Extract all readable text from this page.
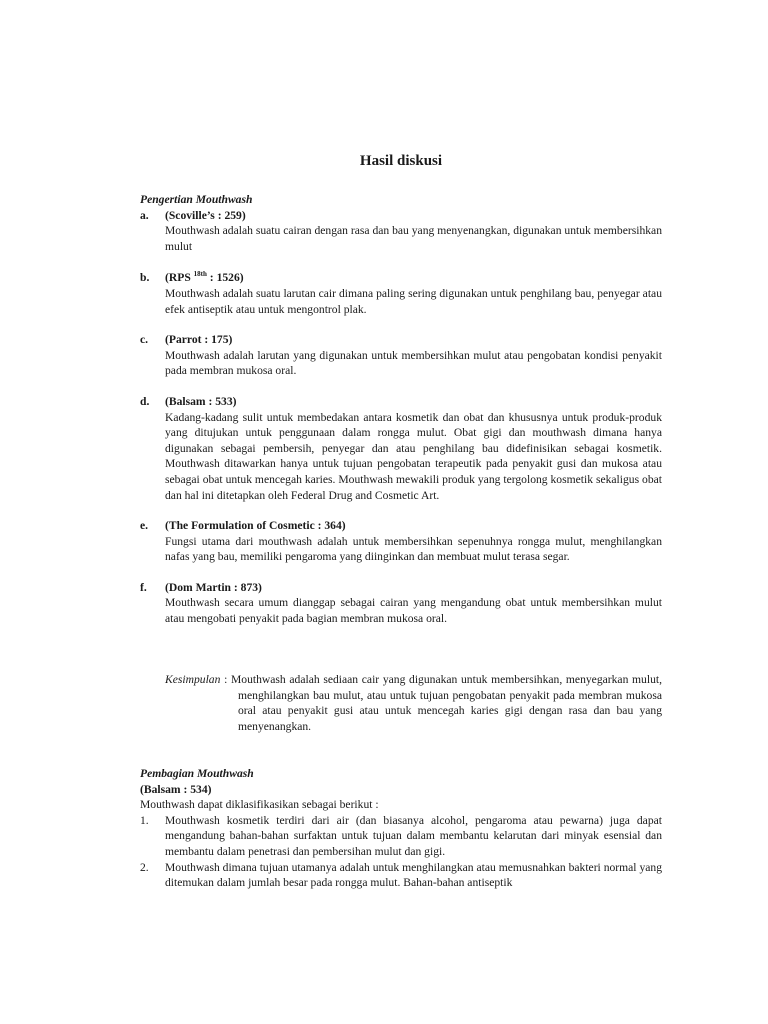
Hasil diskusi
Pengertian Mouthwash
a. (Scoville’s : 259)
Mouthwash adalah suatu cairan dengan rasa dan bau yang menyenangkan, digunakan untuk membersihkan mulut
b. (RPS $^{18th}$ : 1526)
Mouthwash adalah suatu larutan cair dimana paling sering digunakan untuk penghilang bau, penyegar atau efek antiseptik atau untuk mengontrol plak.
c. (Parrot : 175)
Mouthwash adalah larutan yang digunakan untuk membersihkan mulut atau pengobatan kondisi penyakit pada membran mukosa oral.
d. (Balsam : 533)
Kadang-kadang sulit untuk membedakan antara kosmetik dan obat dan khususnya untuk produk-produk yang ditujukan untuk penggunaan dalam rongga mulut. Obat gigi dan mouthwash dimana hanya digunakan sebagai pembersih, penyegar dan atau penghilang bau didefinisikan sebagai kosmetik. Mouthwash ditawarkan hanya untuk tujuan pengobatan terapeutik pada penyakit gusi dan mukosa atau sebagai obat untuk mencegah karies. Mouthwash mewakili produk yang tergolong kosmetik sekaligus obat dan hal ini ditetapkan oleh Federal Drug and Cosmetic Art.
e. (The Formulation of Cosmetic : 364)
Fungsi utama dari mouthwash adalah untuk membersihkan sepenuhnya rongga mulut, menghilangkan nafas yang bau, memiliki pengaroma yang diinginkan dan membuat mulut terasa segar.
f. (Dom Martin : 873)
Mouthwash secara umum dianggap sebagai cairan yang mengandung obat untuk membersihkan mulut atau mengobati penyakit pada bagian membran mukosa oral.

Kesimpulan : Mouthwash adalah sediaan cair yang digunakan untuk membersihkan, menyegarkan mulut, menghilangkan bau mulut, atau untuk tujuan pengobatan penyakit pada membran mukosa oral atau penyakit gusi atau untuk mencegah karies gigi dengan rasa dan bau yang menyenangkan.

Pembagian Mouthwash
(Balsam : 534)
Mouthwash dapat diklasifikasikan sebagai berikut :
1. Mouthwash kosmetik terdiri dari air (dan biasanya alcohol, pengaroma atau pewarna) juga dapat mengandung bahan-bahan surfaktan untuk tujuan dalam membantu kelarutan dari minyak esensial dan membantu dalam penetrasi dan pembersihan mulut dan gigi.
2. Mouthwash dimana tujuan utamanya adalah untuk menghilangkan atau memusnahkan bakteri normal yang ditemukan dalam jumlah besar pada rongga mulut. Bahan-bahan antiseptik
